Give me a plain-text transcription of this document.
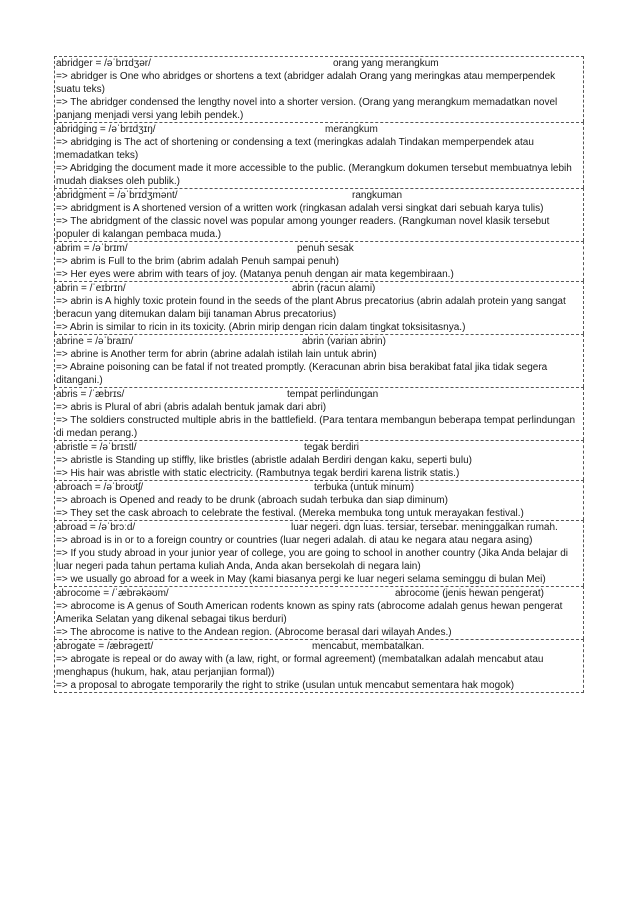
abridger = /əˈbrɪdʒər/	orang yang merangkum
=> abridger is One who abridges or shortens a text (abridger adalah Orang yang meringkas atau memperpendek suatu teks)
=> The abridger condensed the lengthy novel into a shorter version. (Orang yang merangkum memadatkan novel panjang menjadi versi yang lebih pendek.)
abridging = /əˈbrɪdʒɪŋ/	merangkum
=> abridging is The act of shortening or condensing a text (meringkas adalah Tindakan memperpendek atau memadatkan teks)
=> Abridging the document made it more accessible to the public. (Merangkum dokumen tersebut membuatnya lebih mudah diakses oleh publik.)
abridgment = /əˈbrɪdʒmənt/	rangkuman
=> abridgment is A shortened version of a written work (ringkasan adalah versi singkat dari sebuah karya tulis)
=> The abridgment of the classic novel was popular among younger readers. (Rangkuman novel klasik tersebut populer di kalangan pembaca muda.)
abrim = /əˈbrɪm/	penuh sesak
=> abrim is Full to the brim (abrim adalah Penuh sampai penuh)
=> Her eyes were abrim with tears of joy. (Matanya penuh dengan air mata kegembiraan.)
abrin = /ˈeɪbrɪn/	abrin (racun alami)
=> abrin is A highly toxic protein found in the seeds of the plant Abrus precatorius (abrin adalah protein yang sangat beracun yang ditemukan dalam biji tanaman Abrus precatorius)
=> Abrin is similar to ricin in its toxicity. (Abrin mirip dengan ricin dalam tingkat toksisitasnya.)
abrine = /əˈbraɪn/	abrin (varian abrin)
=> abrine is Another term for abrin (abrine adalah istilah lain untuk abrin)
=> Abraine poisoning can be fatal if not treated promptly. (Keracunan abrin bisa berakibat fatal jika tidak segera ditangani.)
abris = /ˈæbrɪs/	tempat perlindungan
=> abris is Plural of abri (abris adalah bentuk jamak dari abri)
=> The soldiers constructed multiple abris in the battlefield. (Para tentara membangun beberapa tempat perlindungan di medan perang.)
abristle = /əˈbrɪstl/	tegak berdiri
=> abristle is Standing up stiffly, like bristles (abristle adalah Berdiri dengan kaku, seperti bulu)
=> His hair was abristle with static electricity. (Rambutnya tegak berdiri karena listrik statis.)
abroach = /əˈbroʊtʃ/	terbuka (untuk minum)
=> abroach is Opened and ready to be drunk (abroach sudah terbuka dan siap diminum)
=> They set the cask abroach to celebrate the festival. (Mereka membuka tong untuk merayakan festival.)
abroad = /əˈbrɔːd/	luar negeri. dgn luas. tersiar, tersebar. meninggalkan rumah.
=> abroad is in or to a foreign country or countries (luar negeri adalah. di atau ke negara atau negara asing)
=> If you study abroad in your junior year of college, you are going to school in another country (Jika Anda belajar di luar negeri pada tahun pertama kuliah Anda, Anda akan bersekolah di negara lain)
=> we usually go abroad for a week in May (kami biasanya pergi ke luar negeri selama seminggu di bulan Mei)
abrocome = /ˈæbrəkəʊm/	abrocome (jenis hewan pengerat)
=> abrocome is A genus of South American rodents known as spiny rats (abrocome adalah genus hewan pengerat Amerika Selatan yang dikenal sebagai tikus berduri)
=> The abrocome is native to the Andean region. (Abrocome berasal dari wilayah Andes.)
abrogate = /æbrəgeɪt/	mencabut, membatalkan.
=> abrogate is repeal or do away with (a law, right, or formal agreement) (membatalkan adalah mencabut atau menghapus (hukum, hak, atau perjanjian formal))
=> a proposal to abrogate temporarily the right to strike (usulan untuk mencabut sementara hak mogok)
